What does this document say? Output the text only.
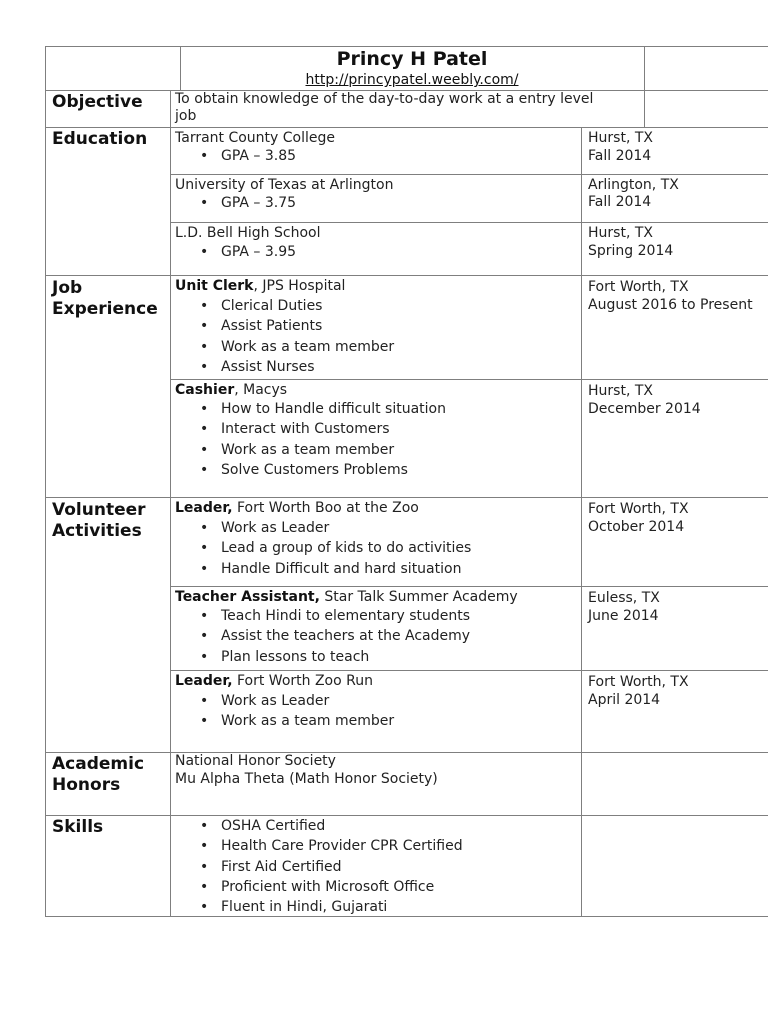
Princy H Patel
http://princypatel.weebly.com/
Objective To obtain knowledge of the day-to-day work at a entry level
job
Education Tarrant County College
• GPA – 3.85
Hurst, TX
Fall 2014
University of Texas at Arlington
• GPA – 3.75
Arlington, TX
Fall 2014
L.D. Bell High School
• GPA – 3.95
Hurst, TX
Spring 2014
Job
Experience
Unit Clerk, JPS Hospital
• Clerical Duties
• Assist Patients
• Work as a team member
• Assist Nurses
Fort Worth, TX
August 2016 to Present
Cashier, Macys
• How to Handle difficult situation
• Interact with Customers
• Work as a team member
• Solve Customers Problems
Hurst, TX
December 2014
Volunteer
Activities
Leader, Fort Worth Boo at the Zoo
• Work as Leader
• Lead a group of kids to do activities
• Handle Difficult and hard situation
Fort Worth, TX
October 2014
Teacher Assistant, Star Talk Summer Academy
• Teach Hindi to elementary students
• Assist the teachers at the Academy
• Plan lessons to teach
Euless, TX
June 2014
Leader, Fort Worth Zoo Run
• Work as Leader
• Work as a team member
Fort Worth, TX
April 2014
Academic
Honors
National Honor Society
Mu Alpha Theta (Math Honor Society)
Skills
•	OSHA Certified
• Health Care Provider CPR Certified
• First Aid Certified
• Proficient with Microsoft Office
• Fluent in Hindi, Gujarati
